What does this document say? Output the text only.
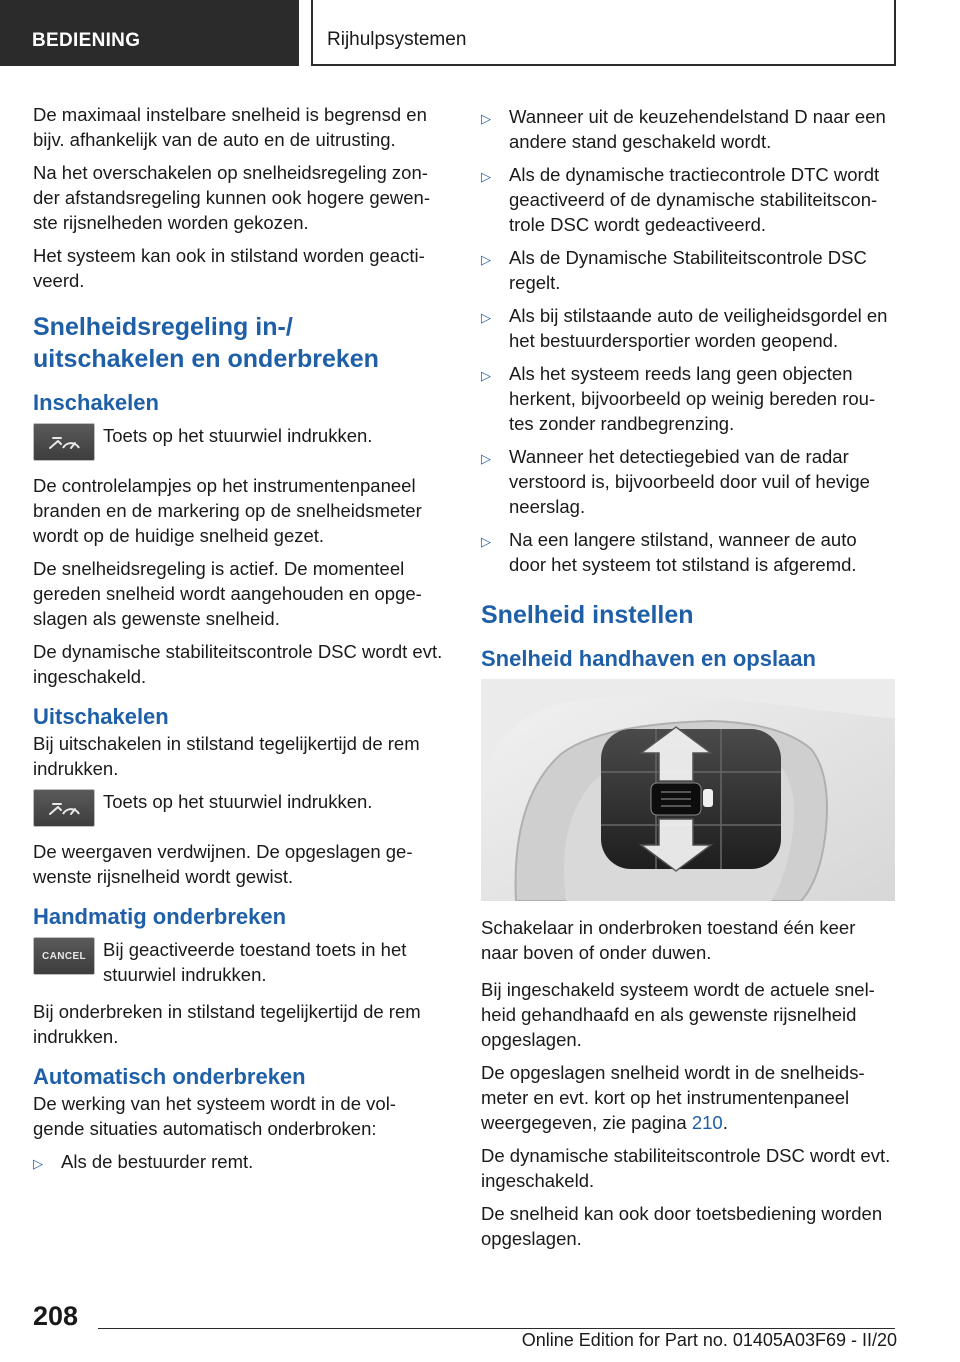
BEDIENING	Rijhulpsystemen

De maximaal instelbare snelheid is begrensd en bijv. afhankelijk van de auto en de uitrusting.

Na het overschakelen op snelheidsregeling zon-der afstandsregeling kunnen ook hogere gewen-ste rijsnelheden worden gekozen.

Het systeem kan ook in stilstand worden geacti-veerd.

Snelheidsregeling in-/ uitschakelen en onderbreken
Inschakelen
Toets op het stuurwiel indrukken.

De controlelampjes op het instrumentenpaneel branden en de markering op de snelheidsmeter wordt op de huidige snelheid gezet.

De snelheidsregeling is actief. De momenteel gereden snelheid wordt aangehouden en opge-slagen als gewenste snelheid.

De dynamische stabiliteitscontrole DSC wordt evt. ingeschakeld.

Uitschakelen

Bij uitschakelen in stilstand tegelijkertijd de rem indrukken.

Toets op het stuurwiel indrukken.

De weergaven verdwijnen. De opgeslagen ge-wenste rijsnelheid wordt gewist.

Handmatig onderbreken
CANCEL Bij geactiveerde toestand toets in het stuurwiel indrukken.

Bij onderbreken in stilstand tegelijkertijd de rem indrukken.

Automatisch onderbreken

De werking van het systeem wordt in de vol-gende situaties automatisch onderbroken:

▷ Als de bestuurder remt.
▷ Wanneer uit de keuzehendelstand D naar een andere stand geschakeld wordt.
▷ Als de dynamische tractiecontrole DTC wordt geactiveerd of de dynamische stabiliteitscon-trole DSC wordt gedeactiveerd.
▷ Als de Dynamische Stabiliteitscontrole DSC regelt.
▷ Als bij stilstaande auto de veiligheidsgordel en het bestuurdersportier worden geopend.
▷ Als het systeem reeds lang geen objecten herkent, bijvoorbeeld op weinig bereden rou-tes zonder randbegrenzing.
▷ Wanneer het detectiegebied van de radar verstoord is, bijvoorbeeld door vuil of hevige neerslag.
▷ Na een langere stilstand, wanneer de auto door het systeem tot stilstand is afgeremd.
Snelheid instellen
Snelheid handhaven en opslaan

Schakelaar in onderbroken toestand één keer naar boven of onder duwen.

Bij ingeschakeld systeem wordt de actuele snel-heid gehandhaafd en als gewenste rijsnelheid opgeslagen.

De opgeslagen snelheid wordt in de snelheids-meter en evt. kort op het instrumentenpaneel weergegeven, zie pagina 210.

De dynamische stabiliteitscontrole DSC wordt evt. ingeschakeld.

De snelheid kan ook door toetsbediening worden opgeslagen.

208
Online Edition for Part no. 01405A03F69 - II/20
